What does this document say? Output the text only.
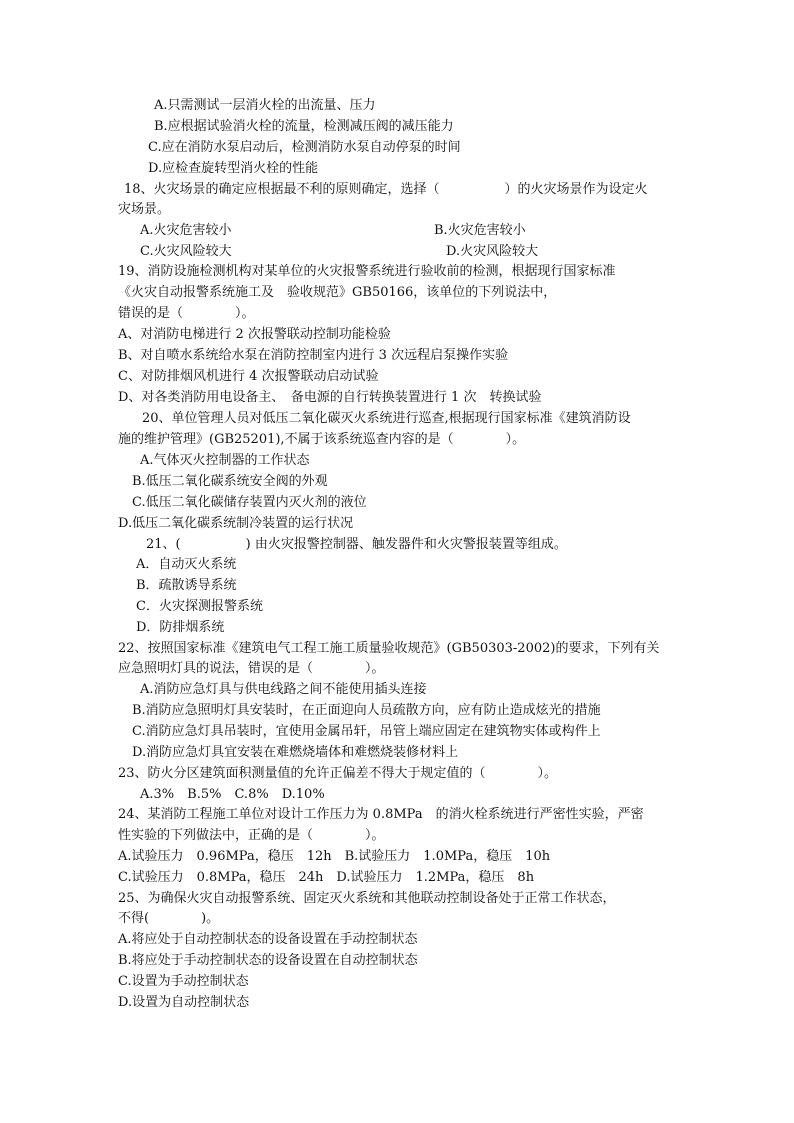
A.只需测试一层消火栓的出流量、压力
B.应根据试验消火栓的流量，检测减压阀的减压能力
C.应在消防水泵启动后，检测消防水泵自动停泵的时间
D.应检查旋转型消火栓的性能
18、火灾场景的确定应根据最不利的原则确定，选择（　　　　　）的火灾场景作为设定火
灾场景。
A.火灾危害较小	B.火灾危害较小
C.火灾风险较大	D.火灾风险较大
19、消防设施检测机构对某单位的火灾报警系统进行验收前的检测，根据现行国家标准
《火灾自动报警系统施工及　验收规范》GB50166，该单位的下列说法中，
错误的是（　　　　）。
A、对消防电梯进行 2 次报警联动控制功能检验
B、对自喷水系统给水泵在消防控制室内进行 3 次远程启泵操作实验
C、对防排烟风机进行 4 次报警联动启动试验
D、对各类消防用电设备主、　备电源的自行转换装置进行 1 次　转换试验
20、单位管理人员对低压二氧化碳灭火系统进行巡查,根据现行国家标准《建筑消防设
施的维护管理》(GB25201),不属于该系统巡查内容的是（　　　　）。
A.气体灭火控制器的工作状态
B.低压二氧化碳系统安全阀的外观
C.低压二氧化碳储存装置内灭火剂的液位
D.低压二氧化碳系统制冷装置的运行状况
21、(　　　　　) 由火灾报警控制器、触发器件和火灾警报装置等组成。
A．自动灭火系统
B．疏散诱导系统
C．火灾探测报警系统
D．防排烟系统
22、按照国家标准《建筑电气工程工施工质量验收规范》(GB50303-2002)的要求，下列有关
应急照明灯具的说法，错误的是（　　　　）。
A.消防应急灯具与供电线路之间不能使用插头连接
B.消防应急照明灯具安装时，在正面迎向人员疏散方向，应有防止造成炫光的措施
C.消防应急灯具吊装时，宜使用金属吊轩，吊管上端应固定在建筑物实体或构件上
D.消防应急灯具宜安装在难燃烧墙体和难燃烧装修材料上
23、防火分区建筑面积测量值的允许正偏差不得大于规定值的（　　　　）。
A.3%　B.5%　C.8%　D.10%
24、某消防工程施工单位对设计工作压力为 0.8MPa　的消火栓系统进行严密性实验，严密
性实验的下列做法中，正确的是（　　　　）。
A.试验压力　0.96MPa，稳压　12h　B.试验压力　1.0MPa，稳压　10h
C.试验压力　0.8MPa，稳压　24h　D.试验压力　1.2MPa，稳压　8h
25、为确保火灾自动报警系统、固定灭火系统和其他联动控制设备处于正常工作状态，
不得(　　　　)。
A.将应处于自动控制状态的设备设置在手动控制状态
B.将应处于手动控制状态的设备设置在自动控制状态
C.设置为手动控制状态
D.设置为自动控制状态
